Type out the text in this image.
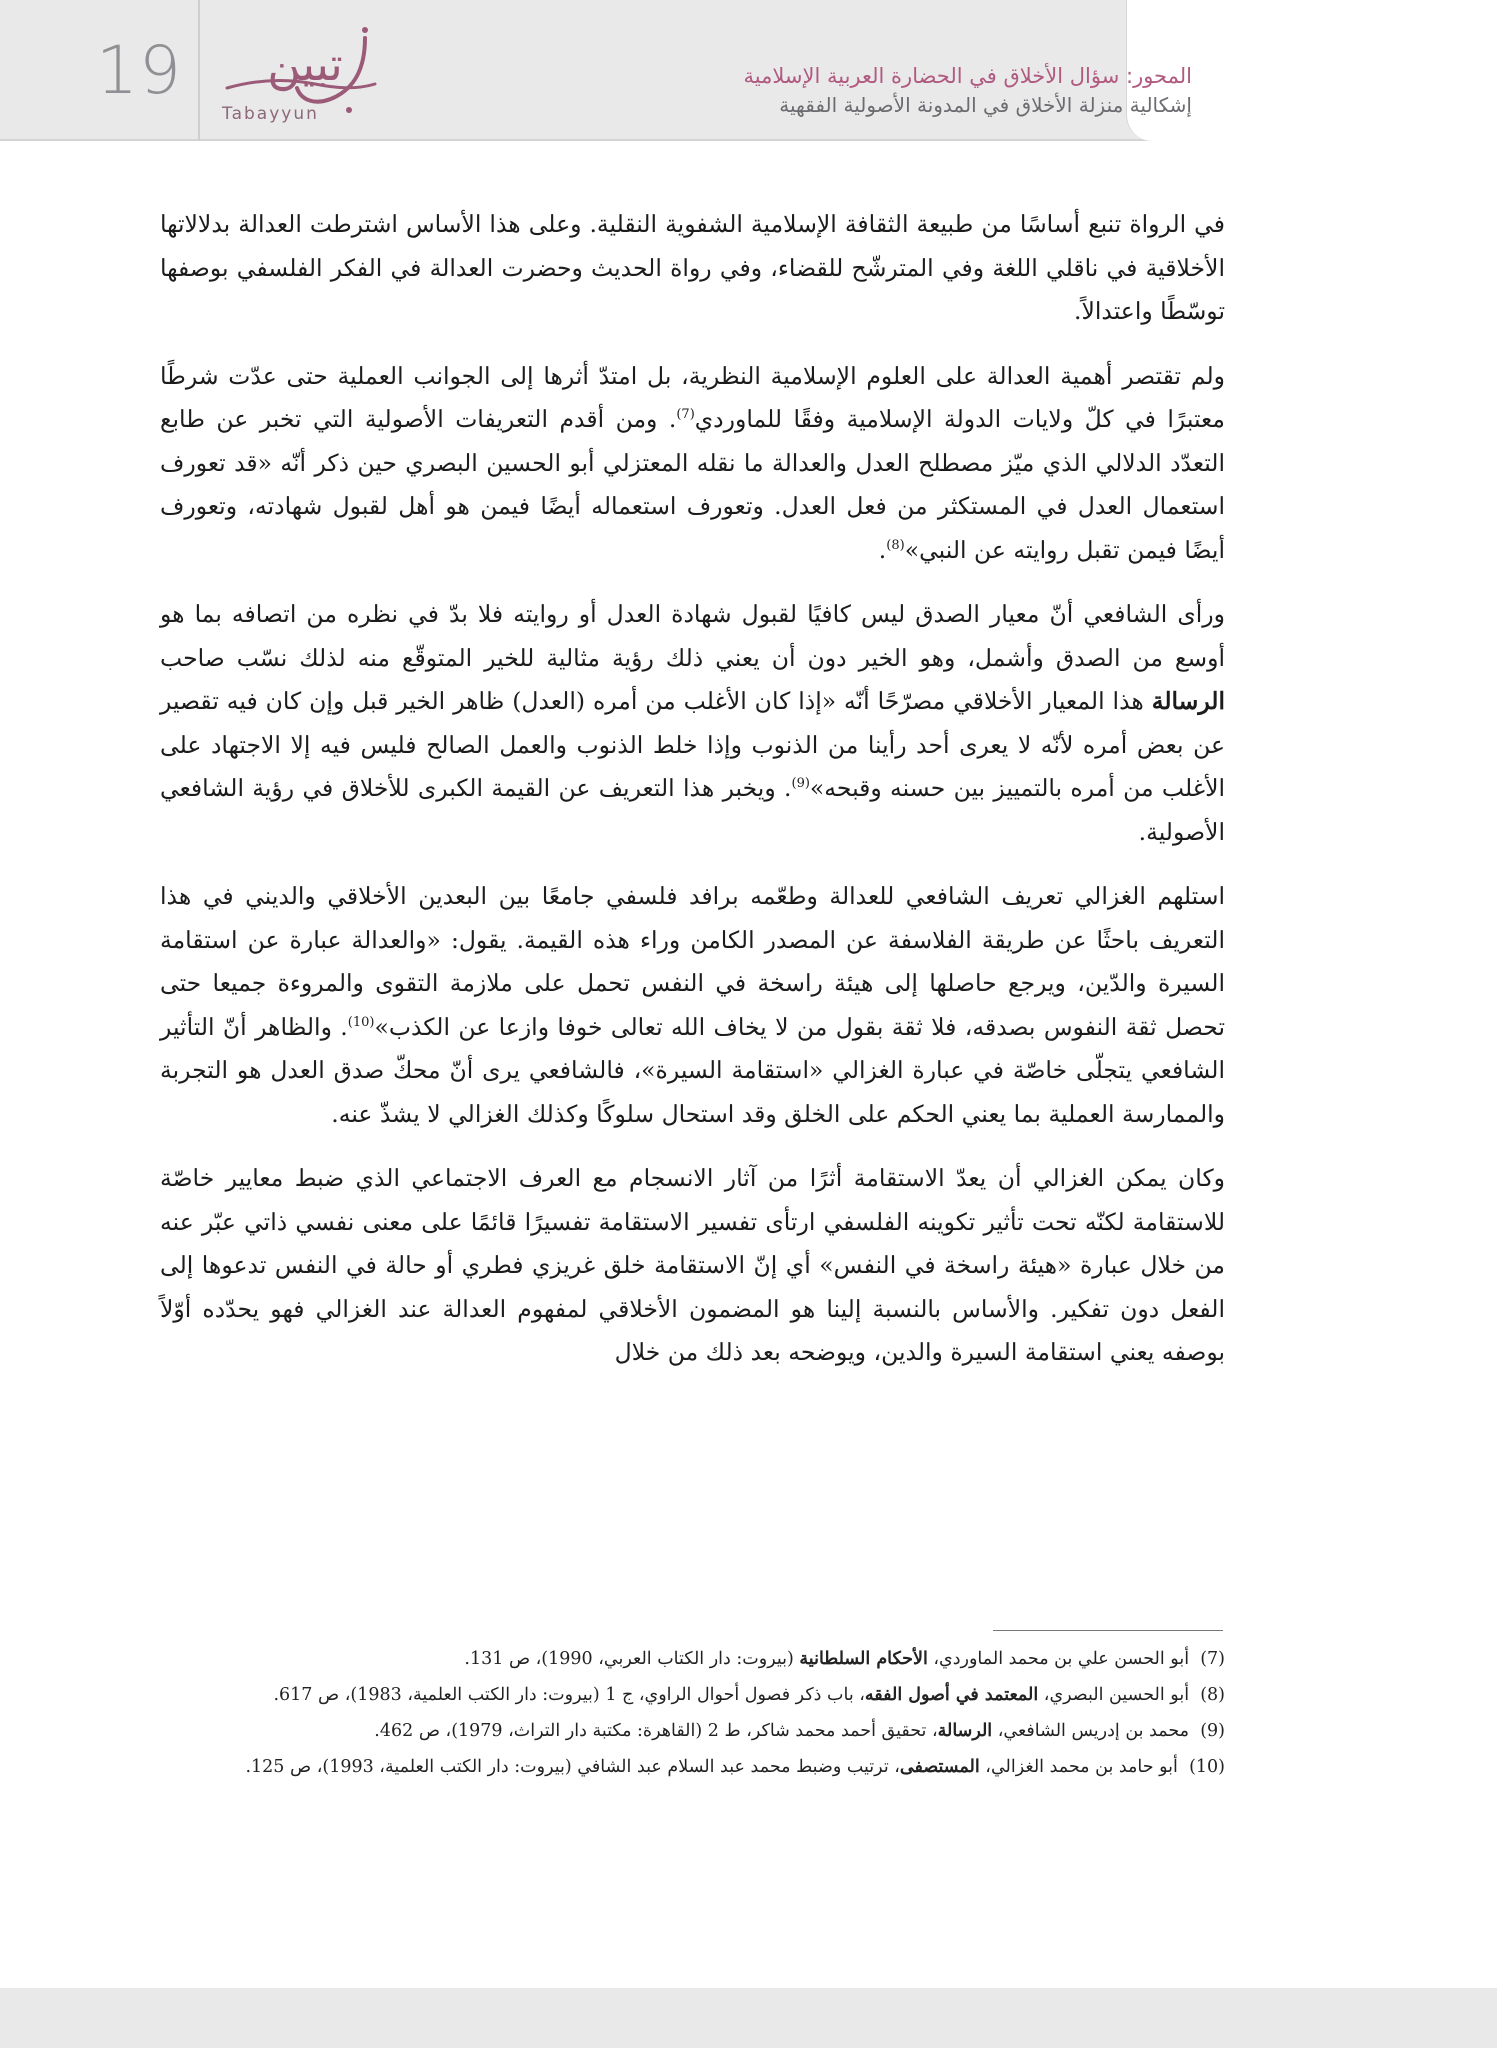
19 تبين
Tabayyun
المحور: سؤال الأخلاق في الحضارة العربية الإسلامية
إشكالية منزلة الأخلاق في المدونة الأصولية الفقهية

في الرواة تنبع أساسًا من طبيعة الثقافة الإسلامية الشفوية النقلية. وعلى هذا الأساس اشترطت العدالة بدلالاتها الأخلاقية في ناقلي اللغة وفي المترشّح للقضاء، وفي رواة الحديث وحضرت العدالة في الفكر الفلسفي بوصفها توسّطًا واعتدالاً.

ولم تقتصر أهمية العدالة على العلوم الإسلامية النظرية، بل امتدّ أثرها إلى الجوانب العملية حتى عدّت شرطًا معتبرًا في كلّ ولايات الدولة الإسلامية وفقًا للماوردي$^{(7)}$. ومن أقدم التعريفات الأصولية التي تخبر عن طابع التعدّد الدلالي الذي ميّز مصطلح العدل والعدالة ما نقله المعتزلي أبو الحسين البصري حين ذكر أنّه «قد تعورف استعمال العدل في المستكثر من فعل العدل. وتعورف استعماله أيضًا فيمن هو أهل لقبول شهادته، وتعورف أيضًا فيمن تقبل روايته عن النبي»$^{(8)}$.

ورأى الشافعي أنّ معيار الصدق ليس كافيًا لقبول شهادة العدل أو روايته فلا بدّ في نظره من اتصافه بما هو أوسع من الصدق وأشمل، وهو الخير دون أن يعني ذلك رؤية مثالية للخير المتوقّع منه لذلك نسّب صاحب الرسالة هذا المعيار الأخلاقي مصرّحًا أنّه «إذا كان الأغلب من أمره (العدل) ظاهر الخير قبل وإن كان فيه تقصير عن بعض أمره لأنّه لا يعرى أحد رأينا من الذنوب وإذا خلط الذنوب والعمل الصالح فليس فيه إلا الاجتهاد على الأغلب من أمره بالتمييز بين حسنه وقبحه»$^{(9)}$. ويخبر هذا التعريف عن القيمة الكبرى للأخلاق في رؤية الشافعي الأصولية.

استلهم الغزالي تعريف الشافعي للعدالة وطعّمه برافد فلسفي جامعًا بين البعدين الأخلاقي والديني في هذا التعريف باحثًا عن طريقة الفلاسفة عن المصدر الكامن وراء هذه القيمة. يقول: «والعدالة عبارة عن استقامة السيرة والدّين، ويرجع حاصلها إلى هيئة راسخة في النفس تحمل على ملازمة التقوى والمروءة جميعا حتى تحصل ثقة النفوس بصدقه، فلا ثقة بقول من لا يخاف الله تعالى خوفا وازعا عن الكذب»$^{(10)}$. والظاهر أنّ التأثير الشافعي يتجلّى خاصّة في عبارة الغزالي «استقامة السيرة»، فالشافعي يرى أنّ محكّ صدق العدل هو التجربة والممارسة العملية بما يعني الحكم على الخلق وقد استحال سلوكًا وكذلك الغزالي لا يشذّ عنه.

وكان يمكن الغزالي أن يعدّ الاستقامة أثرًا من آثار الانسجام مع العرف الاجتماعي الذي ضبط معايير خاصّة للاستقامة لكنّه تحت تأثير تكوينه الفلسفي ارتأى تفسير الاستقامة تفسيرًا قائمًا على معنى نفسي ذاتي عبّر عنه من خلال عبارة «هيئة راسخة في النفس» أي إنّ الاستقامة خلق غريزي فطري أو حالة في النفس تدعوها إلى الفعل دون تفكير. والأساس بالنسبة إلينا هو المضمون الأخلاقي لمفهوم العدالة عند الغزالي فهو يحدّده أوّلاً بوصفه يعني استقامة السيرة والدين، ويوضحه بعد ذلك من خلال

(7)  أبو الحسن علي بن محمد الماوردي، الأحكام السلطانية (بيروت: دار الكتاب العربي، 1990)، ص 131.
(8)  أبو الحسين البصري، المعتمد في أصول الفقه، باب ذكر فصول أحوال الراوي، ج 1 (بيروت: دار الكتب العلمية، 1983)، ص 617.
(9)  محمد بن إدريس الشافعي، الرسالة، تحقيق أحمد محمد شاكر، ط 2 (القاهرة: مكتبة دار التراث، 1979)، ص 462.
(10)  أبو حامد بن محمد الغزالي، المستصفى، ترتيب وضبط محمد عبد السلام عبد الشافي (بيروت: دار الكتب العلمية، 1993)، ص 125.
